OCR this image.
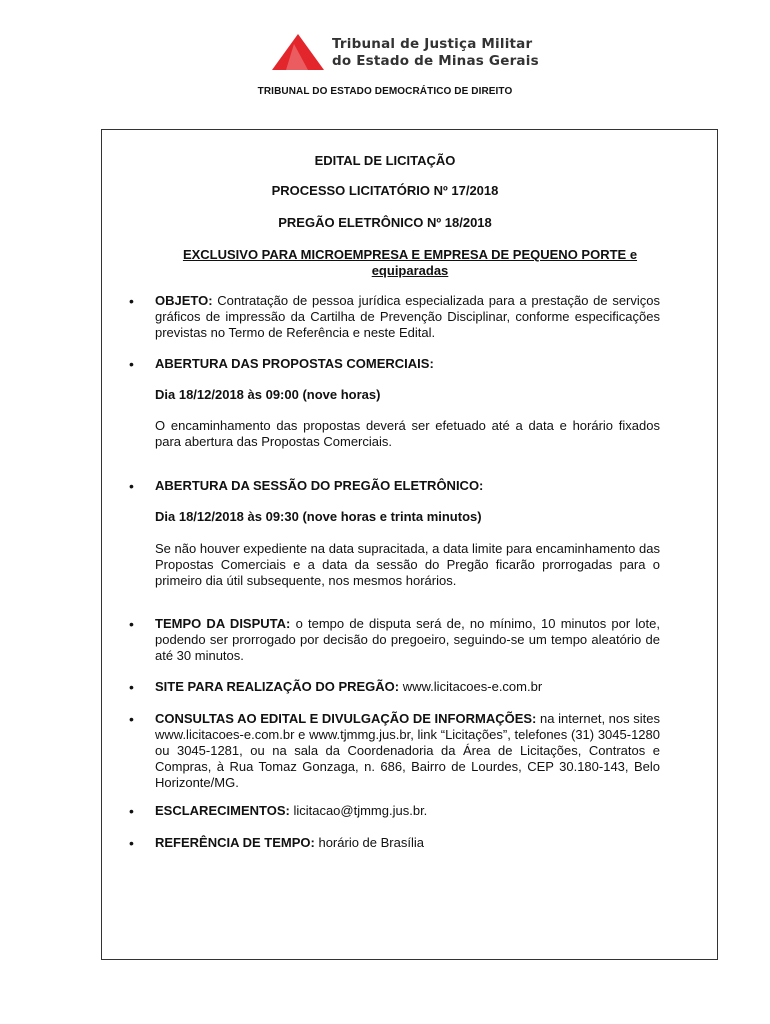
Tribunal de Justiça Militar
do Estado de Minas Gerais
TRIBUNAL DO ESTADO DEMOCRÁTICO DE DIREITO
EDITAL DE LICITAÇÃO
PROCESSO LICITATÓRIO Nº 17/2018
PREGÃO ELETRÔNICO Nº 18/2018
EXCLUSIVO PARA MICROEMPRESA E EMPRESA DE PEQUENO PORTE e equiparadas
• OBJETO: Contratação de pessoa jurídica especializada para a prestação de serviços gráficos de impressão da Cartilha de Prevenção Disciplinar, conforme especificações previstas no Termo de Referência e neste Edital.
• ABERTURA DAS PROPOSTAS COMERCIAIS:
Dia 18/12/2018 às 09:00 (nove horas)
O encaminhamento das propostas deverá ser efetuado até a data e horário fixados para abertura das Propostas Comerciais.
• ABERTURA DA SESSÃO DO PREGÃO ELETRÔNICO:
Dia 18/12/2018 às 09:30 (nove horas e trinta minutos)
Se não houver expediente na data supracitada, a data limite para encaminhamento das Propostas Comerciais e a data da sessão do Pregão ficarão prorrogadas para o primeiro dia útil subsequente, nos mesmos horários.
• TEMPO DA DISPUTA: o tempo de disputa será de, no mínimo, 10 minutos por lote, podendo ser prorrogado por decisão do pregoeiro, seguindo-se um tempo aleatório de até 30 minutos.
• SITE PARA REALIZAÇÃO DO PREGÃO: www.licitacoes-e.com.br
• CONSULTAS AO EDITAL E DIVULGAÇÃO DE INFORMAÇÕES: na internet, nos sites www.licitacoes-e.com.br e www.tjmmg.jus.br, link “Licitações”, telefones (31) 3045-1280 ou 3045-1281, ou na sala da Coordenadoria da Área de Licitações, Contratos e Compras, à Rua Tomaz Gonzaga, n. 686, Bairro de Lourdes, CEP 30.180-143, Belo Horizonte/MG.
• ESCLARECIMENTOS: licitacao@tjmmg.jus.br.
• REFERÊNCIA DE TEMPO: horário de Brasília
